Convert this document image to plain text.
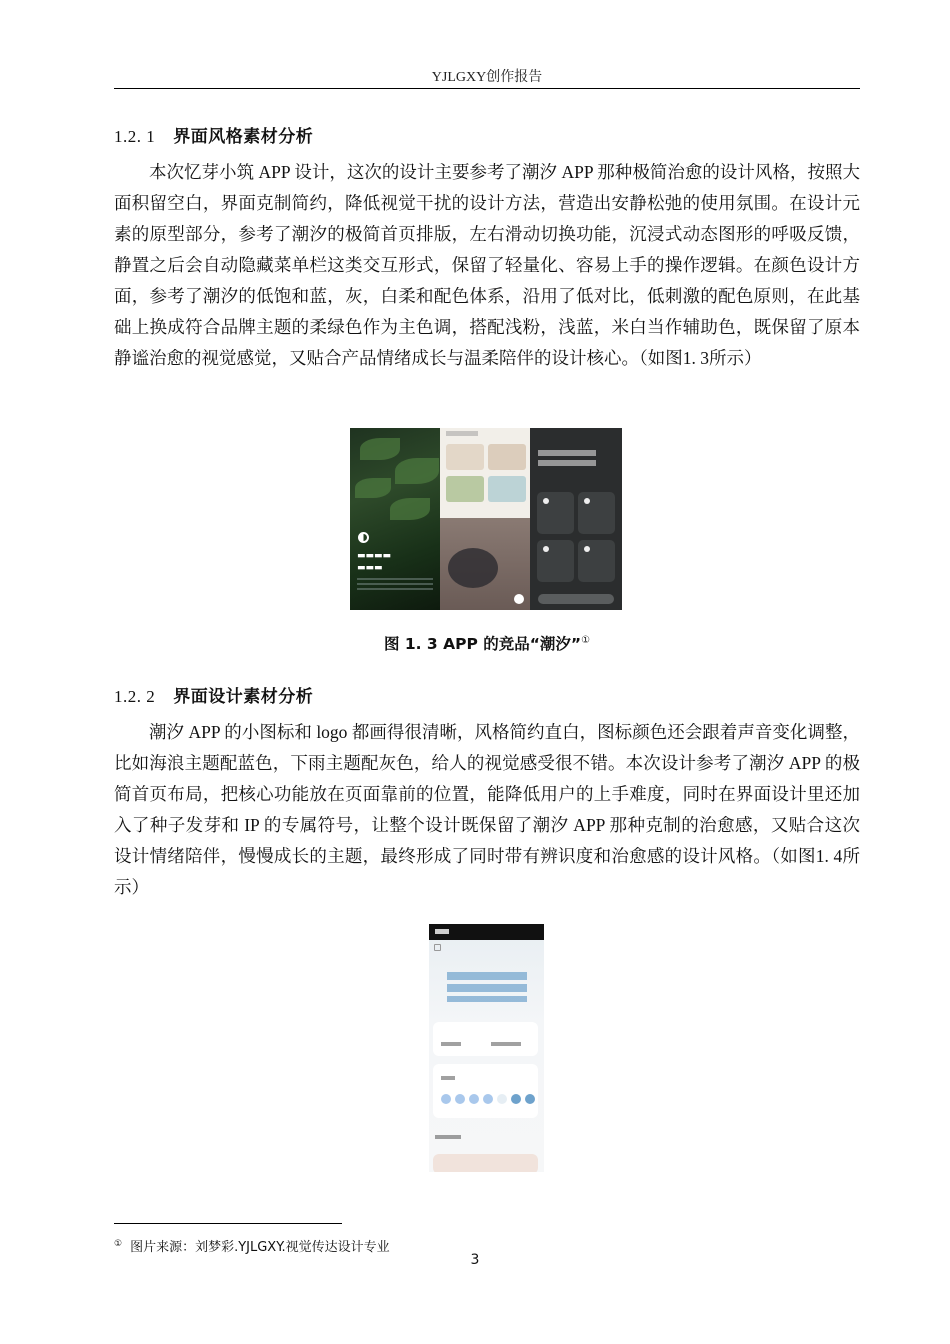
YJLGXY创作报告
1.2. 1 界面风格素材分析

本次忆芽小筑 APP 设计，这次的设计主要参考了潮汐 APP 那种极简治愈的设计风格，按照大面积留空白，界面克制简约，降低视觉干扰的设计方法，营造出安静松弛的使用氛围。在设计元素的原型部分，参考了潮汐的极简首页排版，左右滑动切换功能，沉浸式动态图形的呼吸反馈，静置之后会自动隐藏菜单栏这类交互形式，保留了轻量化、容易上手的操作逻辑。在颜色设计方面，参考了潮汐的低饱和蓝，灰，白柔和配色体系，沿用了低对比，低刺激的配色原则，在此基础上换成符合品牌主题的柔绿色作为主色调，搭配浅粉，浅蓝，米白当作辅助色，既保留了原本静谧治愈的视觉感觉，又贴合产品情绪成长与温柔陪伴的设计核心。（如图1. 3所示）

▬▬▬▬
▬▬▬
图 1. 3 APP 的竞品“潮汐”①
1.2. 2 界面设计素材分析

潮汐 APP 的小图标和 logo 都画得很清晰，风格简约直白，图标颜色还会跟着声音变化调整，比如海浪主题配蓝色，下雨主题配灰色，给人的视觉感受很不错。本次设计参考了潮汐 APP 的极简首页布局，把核心功能放在页面靠前的位置，能降低用户的上手难度，同时在界面设计里还加入了种子发芽和 IP 的专属符号，让整个设计既保留了潮汐 APP 那种克制的治愈感，又贴合这次设计情绪陪伴，慢慢成长的主题，最终形成了同时带有辨识度和治愈感的设计风格。（如图1. 4所示）

① 图片来源：刘梦彩.YJLGXY.视觉传达设计专业
3
